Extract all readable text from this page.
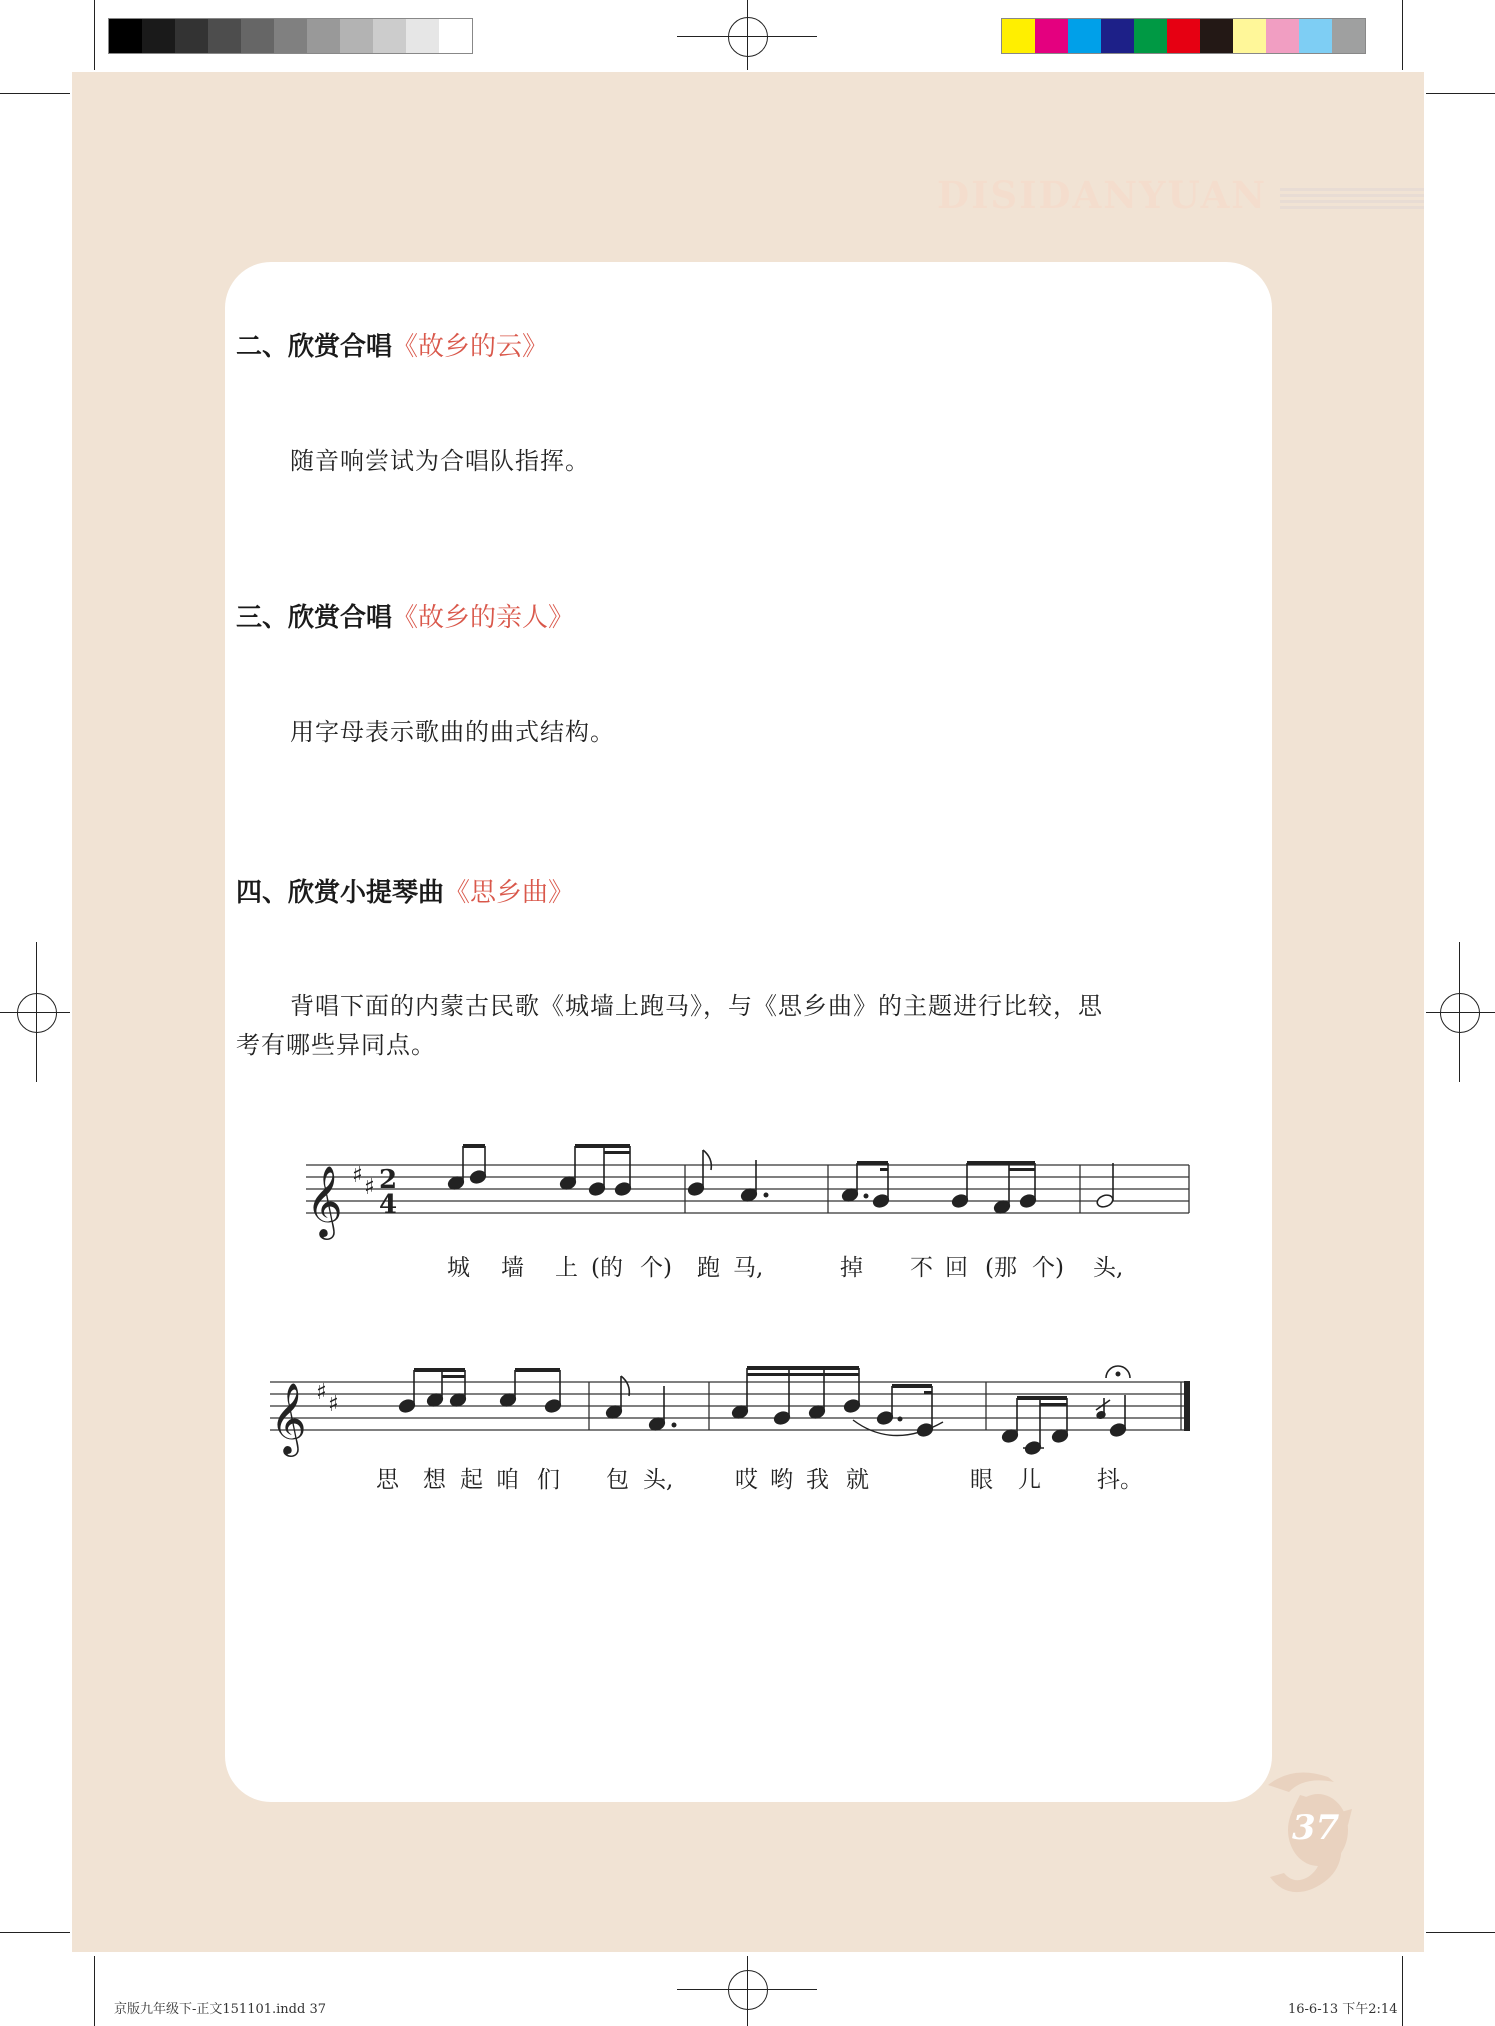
DISIDANYUAN
二、欣赏合唱《故乡的云》
随音响尝试为合唱队指挥。
三、欣赏合唱《故乡的亲人》
用字母表示歌曲的曲式结构。
四、欣赏小提琴曲《思乡曲》
背唱下面的内蒙古民歌《城墙上跑马》，与《思乡曲》的主题进行比较，思
考有哪些异同点。
𝄞
𝄞
♯ ♯
♯ ♯
2
4
城 墙 上 (的 个) 跑 马,	掉 不 回 (那 个) 头,
思 想 起 咱 们 包 头,	哎 哟 我 就	眼 儿 抖。
37
京版九年级下-正文151101.indd 37	16-6-13 下午2:14
